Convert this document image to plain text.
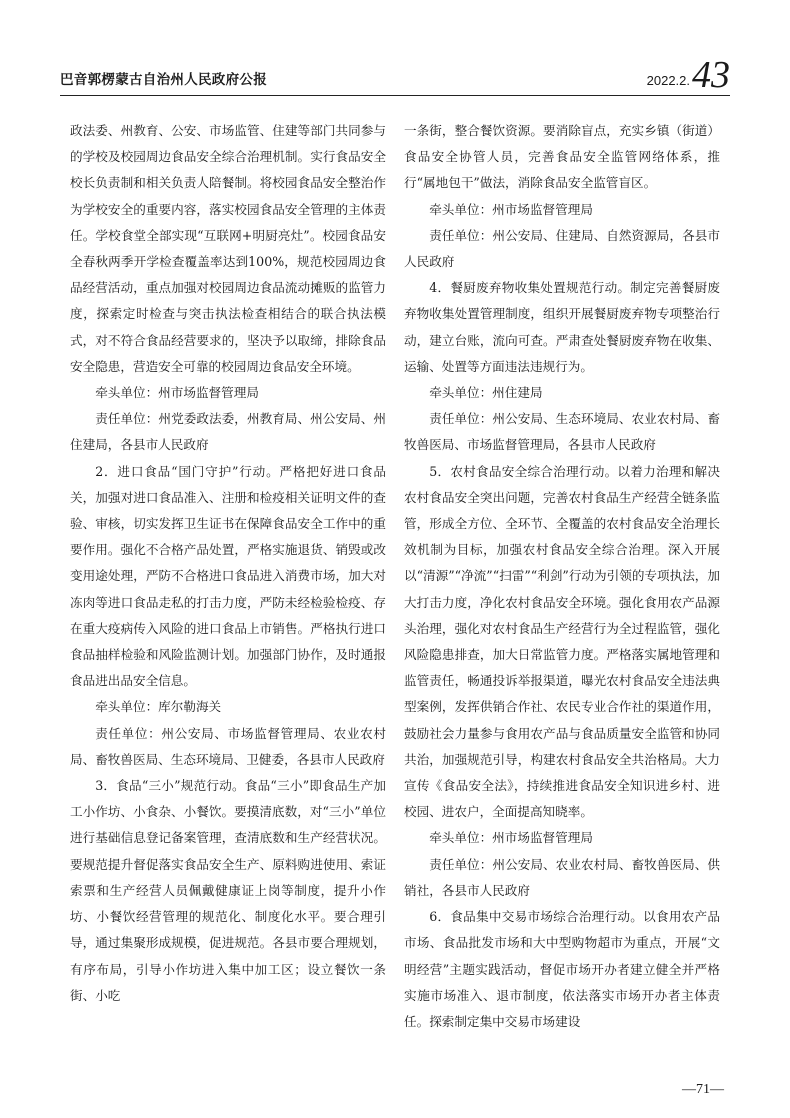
巴音郭楞蒙古自治州人民政府公报	2022.2. 43

政法委、州教育、公安、市场监管、住建等部门共同参与的学校及校园周边食品安全综合治理机制。实行食品安全校长负责制和相关负责人陪餐制。将校园食品安全整治作为学校安全的重要内容，落实校园食品安全管理的主体责任。学校食堂全部实现“互联网+明厨亮灶”。校园食品安全春秋两季开学检查覆盖率达到100%，规范校园周边食品经营活动，重点加强对校园周边食品流动摊贩的监管力度，探索定时检查与突击执法检查相结合的联合执法模式，对不符合食品经营要求的，坚决予以取缔，排除食品安全隐患，营造安全可靠的校园周边食品安全环境。

牵头单位：州市场监督管理局

责任单位：州党委政法委，州教育局、州公安局、州住建局，各县市人民政府

2．进口食品“国门守护”行动。严格把好进口食品关，加强对进口食品准入、注册和检疫相关证明文件的查验、审核，切实发挥卫生证书在保障食品安全工作中的重要作用。强化不合格产品处置，严格实施退货、销毁或改变用途处理，严防不合格进口食品进入消费市场，加大对冻肉等进口食品走私的打击力度，严防未经检验检疫、存在重大疫病传入风险的进口食品上市销售。严格执行进口食品抽样检验和风险监测计划。加强部门协作，及时通报食品进出品安全信息。

牵头单位：库尔勒海关

责任单位：州公安局、市场监督管理局、农业农村局、畜牧兽医局、生态环境局、卫健委，各县市人民政府

3．食品“三小”规范行动。食品“三小”即食品生产加工小作坊、小食杂、小餐饮。要摸清底数，对“三小”单位进行基础信息登记备案管理，查清底数和生产经营状况。要规范提升督促落实食品安全生产、原料购进使用、索证索票和生产经营人员佩戴健康证上岗等制度，提升小作坊、小餐饮经营管理的规范化、制度化水平。要合理引导，通过集聚形成规模，促进规范。各县市要合理规划，有序布局，引导小作坊进入集中加工区；设立餐饮一条街、小吃

一条街，整合餐饮资源。要消除盲点，充实乡镇（街道）食品安全协管人员，完善食品安全监管网络体系，推行“属地包干”做法，消除食品安全监管盲区。

牵头单位：州市场监督管理局

责任单位：州公安局、住建局、自然资源局，各县市人民政府

4．餐厨废弃物收集处置规范行动。制定完善餐厨废弃物收集处置管理制度，组织开展餐厨废弃物专项整治行动，建立台账，流向可查。严肃查处餐厨废弃物在收集、运输、处置等方面违法违规行为。

牵头单位：州住建局

责任单位：州公安局、生态环境局、农业农村局、畜牧兽医局、市场监督管理局，各县市人民政府

5．农村食品安全综合治理行动。以着力治理和解决农村食品安全突出问题，完善农村食品生产经营全链条监管，形成全方位、全环节、全覆盖的农村食品安全治理长效机制为目标，加强农村食品安全综合治理。深入开展以“清源”“净流”“扫雷”“利剑”行动为引领的专项执法，加大打击力度，净化农村食品安全环境。强化食用农产品源头治理，强化对农村食品生产经营行为全过程监管，强化风险隐患排查，加大日常监管力度。严格落实属地管理和监管责任，畅通投诉举报渠道，曝光农村食品安全违法典型案例，发挥供销合作社、农民专业合作社的渠道作用，鼓励社会力量参与食用农产品与食品质量安全监管和协同共治，加强规范引导，构建农村食品安全共治格局。大力宣传《食品安全法》，持续推进食品安全知识进乡村、进校园、进农户，全面提高知晓率。

牵头单位：州市场监督管理局

责任单位：州公安局、农业农村局、畜牧兽医局、供销社，各县市人民政府

6．食品集中交易市场综合治理行动。以食用农产品市场、食品批发市场和大中型购物超市为重点，开展“文明经营”主题实践活动，督促市场开办者建立健全并严格实施市场准入、退市制度，依法落实市场开办者主体责任。探索制定集中交易市场建设

—71—
